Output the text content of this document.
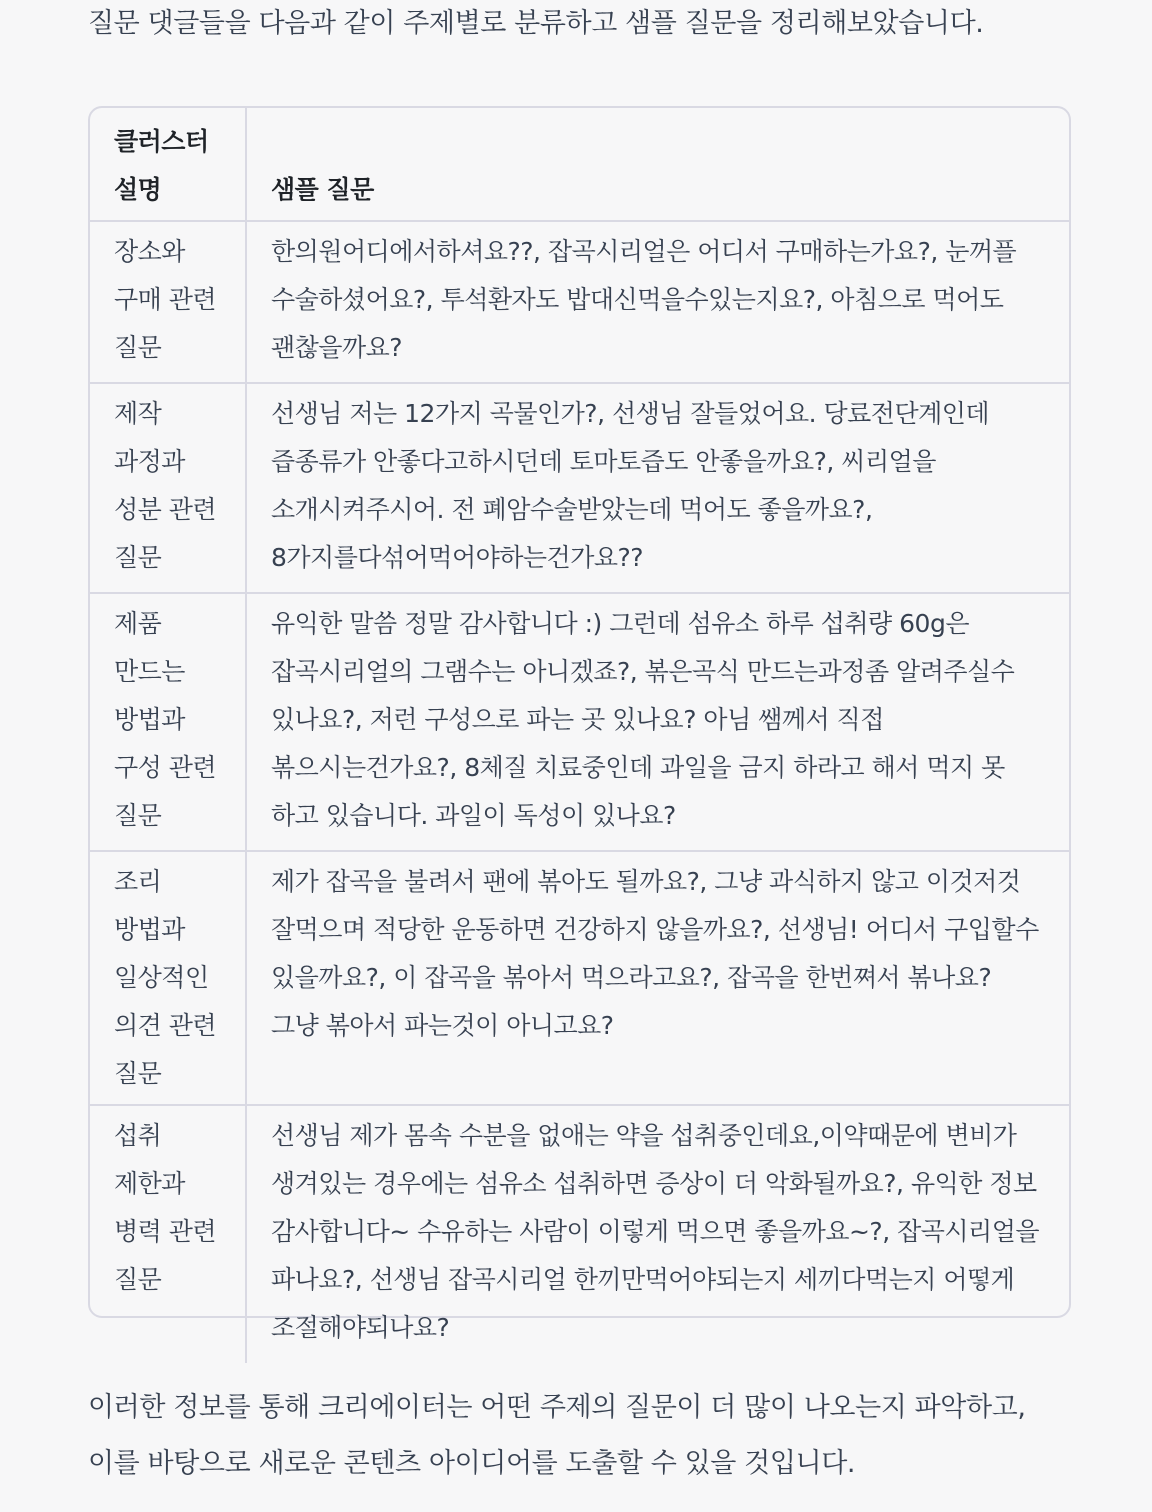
질문 댓글들을 다음과 같이 주제별로 분류하고 샘플 질문을 정리해보았습니다.

클러스터 설명	샘플 질문
장소와 구매 관련 질문	한의원어디에서하셔요??, 잡곡시리얼은 어디서 구매하는가요?, 눈꺼플 수술하셨어요?, 투석환자도 밥대신먹을수있는지요?, 아침으로 먹어도 괜찮을까요?
제작 과정과 성분 관련 질문	선생님 저는 12가지 곡물인가?, 선생님 잘들었어요. 당료전단계인데 즙종류가 안좋다고하시던데 토마토즙도 안좋을까요?, 씨리얼을 소개시켜주시어. 전 폐암수술받았는데 먹어도 좋을까요?, 8가지를다섞어먹어야하는건가요??
제품 만드는 방법과 구성 관련 질문	유익한 말씀 정말 감사합니다 :) 그런데 섬유소 하루 섭취량 60g은 잡곡시리얼의 그램수는 아니겠죠?, 볶은곡식 만드는과정좀 알려주실수 있나요?, 저런 구성으로 파는 곳 있나요? 아님 쌤께서 직접 볶으시는건가요?, 8체질 치료중인데 과일을 금지 하라고 해서 먹지 못 하고 있습니다. 과일이 독성이 있나요?
조리 방법과 일상적인 의견 관련 질문	제가 잡곡을 불려서 팬에 볶아도 될까요?, 그냥 과식하지 않고 이것저것 잘먹으며 적당한 운동하면 건강하지 않을까요?, 선생님! 어디서 구입할수 있을까요?, 이 잡곡을 볶아서 먹으라고요?, 잡곡을 한번쪄서 볶나요? 그냥 볶아서 파는것이 아니고요?
섭취 제한과 병력 관련 질문	선생님 제가 몸속 수분을 없애는 약을 섭취중인데요,이약때문에 변비가 생겨있는 경우에는 섬유소 섭취하면 증상이 더 악화될까요?, 유익한 정보 감사합니다~ 수유하는 사람이 이렇게 먹으면 좋을까요~?, 잡곡시리얼을 파나요?, 선생님 잡곡시리얼 한끼만먹어야되는지 세끼다먹는지 어떻게 조절해야되나요?

이러한 정보를 통해 크리에이터는 어떤 주제의 질문이 더 많이 나오는지 파악하고, 이를 바탕으로 새로운 콘텐츠 아이디어를 도출할 수 있을 것입니다.
